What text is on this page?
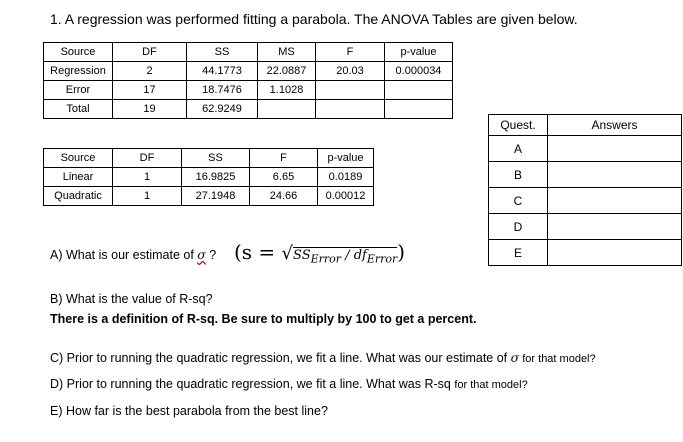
1. A regression was performed fitting a parabola. The ANOVA Tables are given below.
Source	DF	SS	MS	F	p-value
Regression	2	44.1773	22.0887	20.03	0.000034
Error	17	18.7476	1.1028		
Total	19	62.9249			
Source	DF	SS	F	p-value
Linear	1	16.9825	6.65	0.0189
Quadratic	1	27.1948	24.66	0.00012
Quest.	Answers
A	
B	
C	
D	
E	
A) What is our estimate of σ ? $(s = √SS_{Error} / df_{Error})$
B) What is the value of R-sq?
There is a definition of R-sq. Be sure to multiply by 100 to get a percent.
C) Prior to running the quadratic regression, we fit a line. What was our estimate of σ for that model?
D) Prior to running the quadratic regression, we fit a line. What was R-sq for that model?
E) How far is the best parabola from the best line?
